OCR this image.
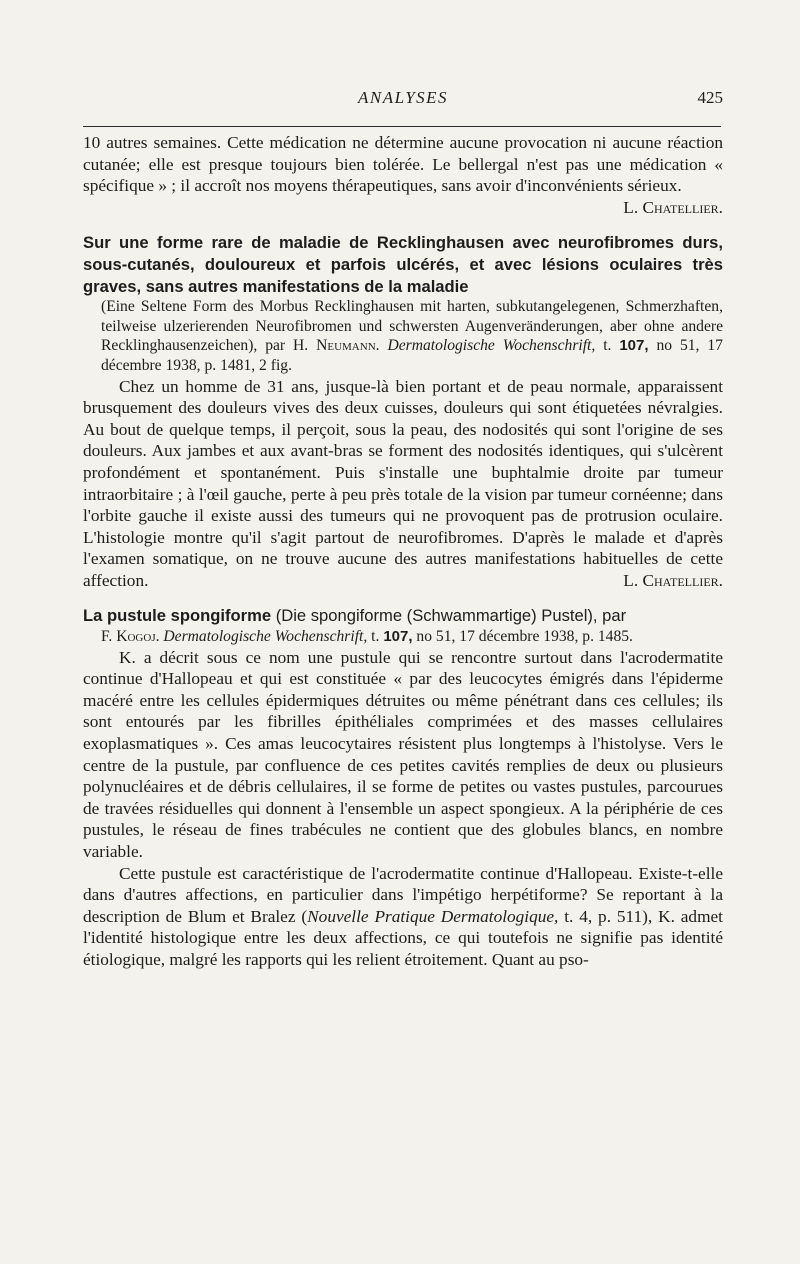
ANALYSES	425

10 autres semaines. Cette médication ne détermine aucune provocation ni aucune réaction cutanée; elle est presque toujours bien tolérée. Le bellergal n'est pas une médication « spécifique » ; il accroît nos moyens thérapeutiques, sans avoir d'inconvénients sérieux.
L. Chatellier.

Sur une forme rare de maladie de Recklinghausen avec neurofibromes durs, sous-cutanés, douloureux et parfois ulcérés, et avec lésions oculaires très graves, sans autres manifestations de la maladie

(Eine Seltene Form des Morbus Recklinghausen mit harten, subkutangelegenen, Schmerzhaften, teilweise ulzerierenden Neurofibromen und schwersten Augenveränderungen, aber ohne andere Recklinghausenzeichen), par H. Neumann. Dermatologische Wochenschrift, t. 107, no 51, 17 décembre 1938, p. 1481, 2 fig.

Chez un homme de 31 ans, jusque-là bien portant et de peau normale, apparaissent brusquement des douleurs vives des deux cuisses, douleurs qui sont étiquetées névralgies. Au bout de quelque temps, il perçoit, sous la peau, des nodosités qui sont l'origine de ses douleurs. Aux jambes et aux avant-bras se forment des nodosités identiques, qui s'ulcèrent profondément et spontanément. Puis s'installe une buphtalmie droite par tumeur intraorbitaire ; à l'œil gauche, perte à peu près totale de la vision par tumeur cornéenne; dans l'orbite gauche il existe aussi des tumeurs qui ne provoquent pas de protrusion oculaire. L'histologie montre qu'il s'agit partout de neurofibromes. D'après le malade et d'après l'examen somatique, on ne trouve aucune des autres manifestations habituelles de cette affection.	L. Chatellier.

La pustule spongiforme (Die spongiforme (Schwammartige) Pustel), par

F. Kogoj. Dermatologische Wochenschrift, t. 107, no 51, 17 décembre 1938, p. 1485.

K. a décrit sous ce nom une pustule qui se rencontre surtout dans l'acrodermatite continue d'Hallopeau et qui est constituée « par des leucocytes émigrés dans l'épiderme macéré entre les cellules épidermiques détruites ou même pénétrant dans ces cellules; ils sont entourés par les fibrilles épithéliales comprimées et des masses cellulaires exoplasmatiques ». Ces amas leucocytaires résistent plus longtemps à l'histolyse. Vers le centre de la pustule, par confluence de ces petites cavités remplies de deux ou plusieurs polynucléaires et de débris cellulaires, il se forme de petites ou vastes pustules, parcourues de travées résiduelles qui donnent à l'ensemble un aspect spongieux. A la périphérie de ces pustules, le réseau de fines trabécules ne contient que des globules blancs, en nombre variable.

Cette pustule est caractéristique de l'acrodermatite continue d'Hallopeau. Existe-t-elle dans d'autres affections, en particulier dans l'impétigo herpétiforme? Se reportant à la description de Blum et Bralez (Nouvelle Pratique Dermatologique, t. 4, p. 511), K. admet l'identité histologique entre les deux affections, ce qui toutefois ne signifie pas identité étiologique, malgré les rapports qui les relient étroitement. Quant au pso-
